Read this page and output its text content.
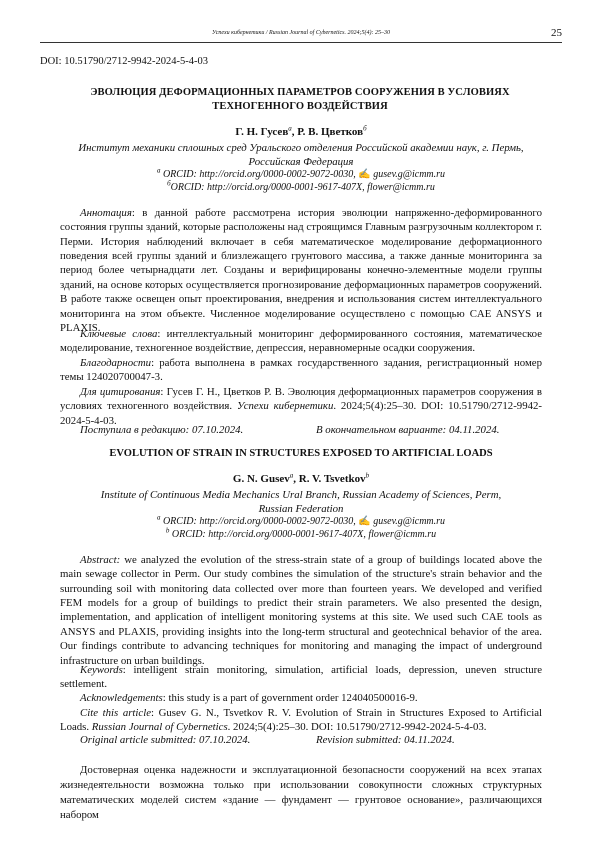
Успехи кибернетики / Russian Journal of Cybernetics. 2024;5(4): 25–30	25
DOI: 10.51790/2712-9942-2024-5-4-03
ЭВОЛЮЦИЯ ДЕФОРМАЦИОННЫХ ПАРАМЕТРОВ СООРУЖЕНИЯ В УСЛОВИЯХ
ТЕХНОГЕННОГО ВОЗДЕЙСТВИЯ
Г. Н. Гусев$^а$, Р. В. Цветков$^б$
Институт механики сплошных сред Уральского отделения Российской академии наук, г. Пермь,
Российская Федерация
$^а$ ORCID: http://orcid.org/0000-0002-9072-0030, ✍ gusev.g@icmm.ru
$^б$ORCID: http://orcid.org/0000-0001-9617-407X, flower@icmm.ru
Аннотация: в данной работе рассмотрена история эволюции напряженно-деформированного состояния группы зданий, которые расположены над строящимся Главным разгрузочным коллектором г. Перми. История наблюдений включает в себя математическое моделирование деформационного поведения всей группы зданий и близлежащего грунтового массива, а также данные мониторинга за период более четырнадцати лет. Созданы и верифицированы конечно-элементные модели группы зданий, на основе которых осуществляется прогнозирование деформационных параметров сооружений. В работе также освещен опыт проектирования, внедрения и использования систем интеллектуального мониторинга на этом объекте. Численное моделирование осуществлено с помощью CAE ANSYS и PLAXIS.
Ключевые слова: интеллектуальный мониторинг деформированного состояния, математическое моделирование, техногенное воздействие, депрессия, неравномерные осадки сооружения.
Благодарности: работа выполнена в рамках государственного задания, регистрационный номер темы 124020700047-3.
Для цитирования: Гусев Г. Н., Цветков Р. В. Эволюция деформационных параметров сооружения в условиях техногенного воздействия. Успехи кибернетики. 2024;5(4):25–30. DOI: 10.51790/2712-9942-2024-5-4-03.
Поступила в редакцию: 07.10.2024.	В окончательном варианте: 04.11.2024.
EVOLUTION OF STRAIN IN STRUCTURES EXPOSED TO ARTIFICIAL LOADS
G. N. Gusev$^a$, R. V. Tsvetkov$^b$
Institute of Continuous Media Mechanics Ural Branch, Russian Academy of Sciences, Perm,
Russian Federation
$^a$ ORCID: http://orcid.org/0000-0002-9072-0030, ✍ gusev.g@icmm.ru
$^b$ ORCID: http://orcid.org/0000-0001-9617-407X, flower@icmm.ru
Abstract: we analyzed the evolution of the stress-strain state of a group of buildings located above the main sewage collector in Perm. Our study combines the simulation of the structure's strain behavior and the surrounding soil with monitoring data collected over more than fourteen years. We developed and verified FEM models for a group of buildings to predict their strain parameters. We also presented the design, implementation, and application of intelligent monitoring systems at this site. We used such CAE tools as ANSYS and PLAXIS, providing insights into the long-term structural and geotechnical behavior of the area. Our findings contribute to advancing techniques for monitoring and managing the impact of underground infrastructure on urban buildings.
Keywords: intelligent strain monitoring, simulation, artificial loads, depression, uneven structure settlement.
Acknowledgements: this study is a part of government order 124040500016-9.
Cite this article: Gusev G. N., Tsvetkov R. V. Evolution of Strain in Structures Exposed to Artificial Loads. Russian Journal of Cybernetics. 2024;5(4):25–30. DOI: 10.51790/2712-9942-2024-5-4-03.
Original article submitted: 07.10.2024.	Revision submitted: 04.11.2024.
Достоверная оценка надежности и эксплуатационной безопасности сооружений на всех этапах жизнедеятельности возможна только при использовании совокупности сложных структурных математических моделей систем «здание — фундамент — грунтовое основание», различающихся набором
